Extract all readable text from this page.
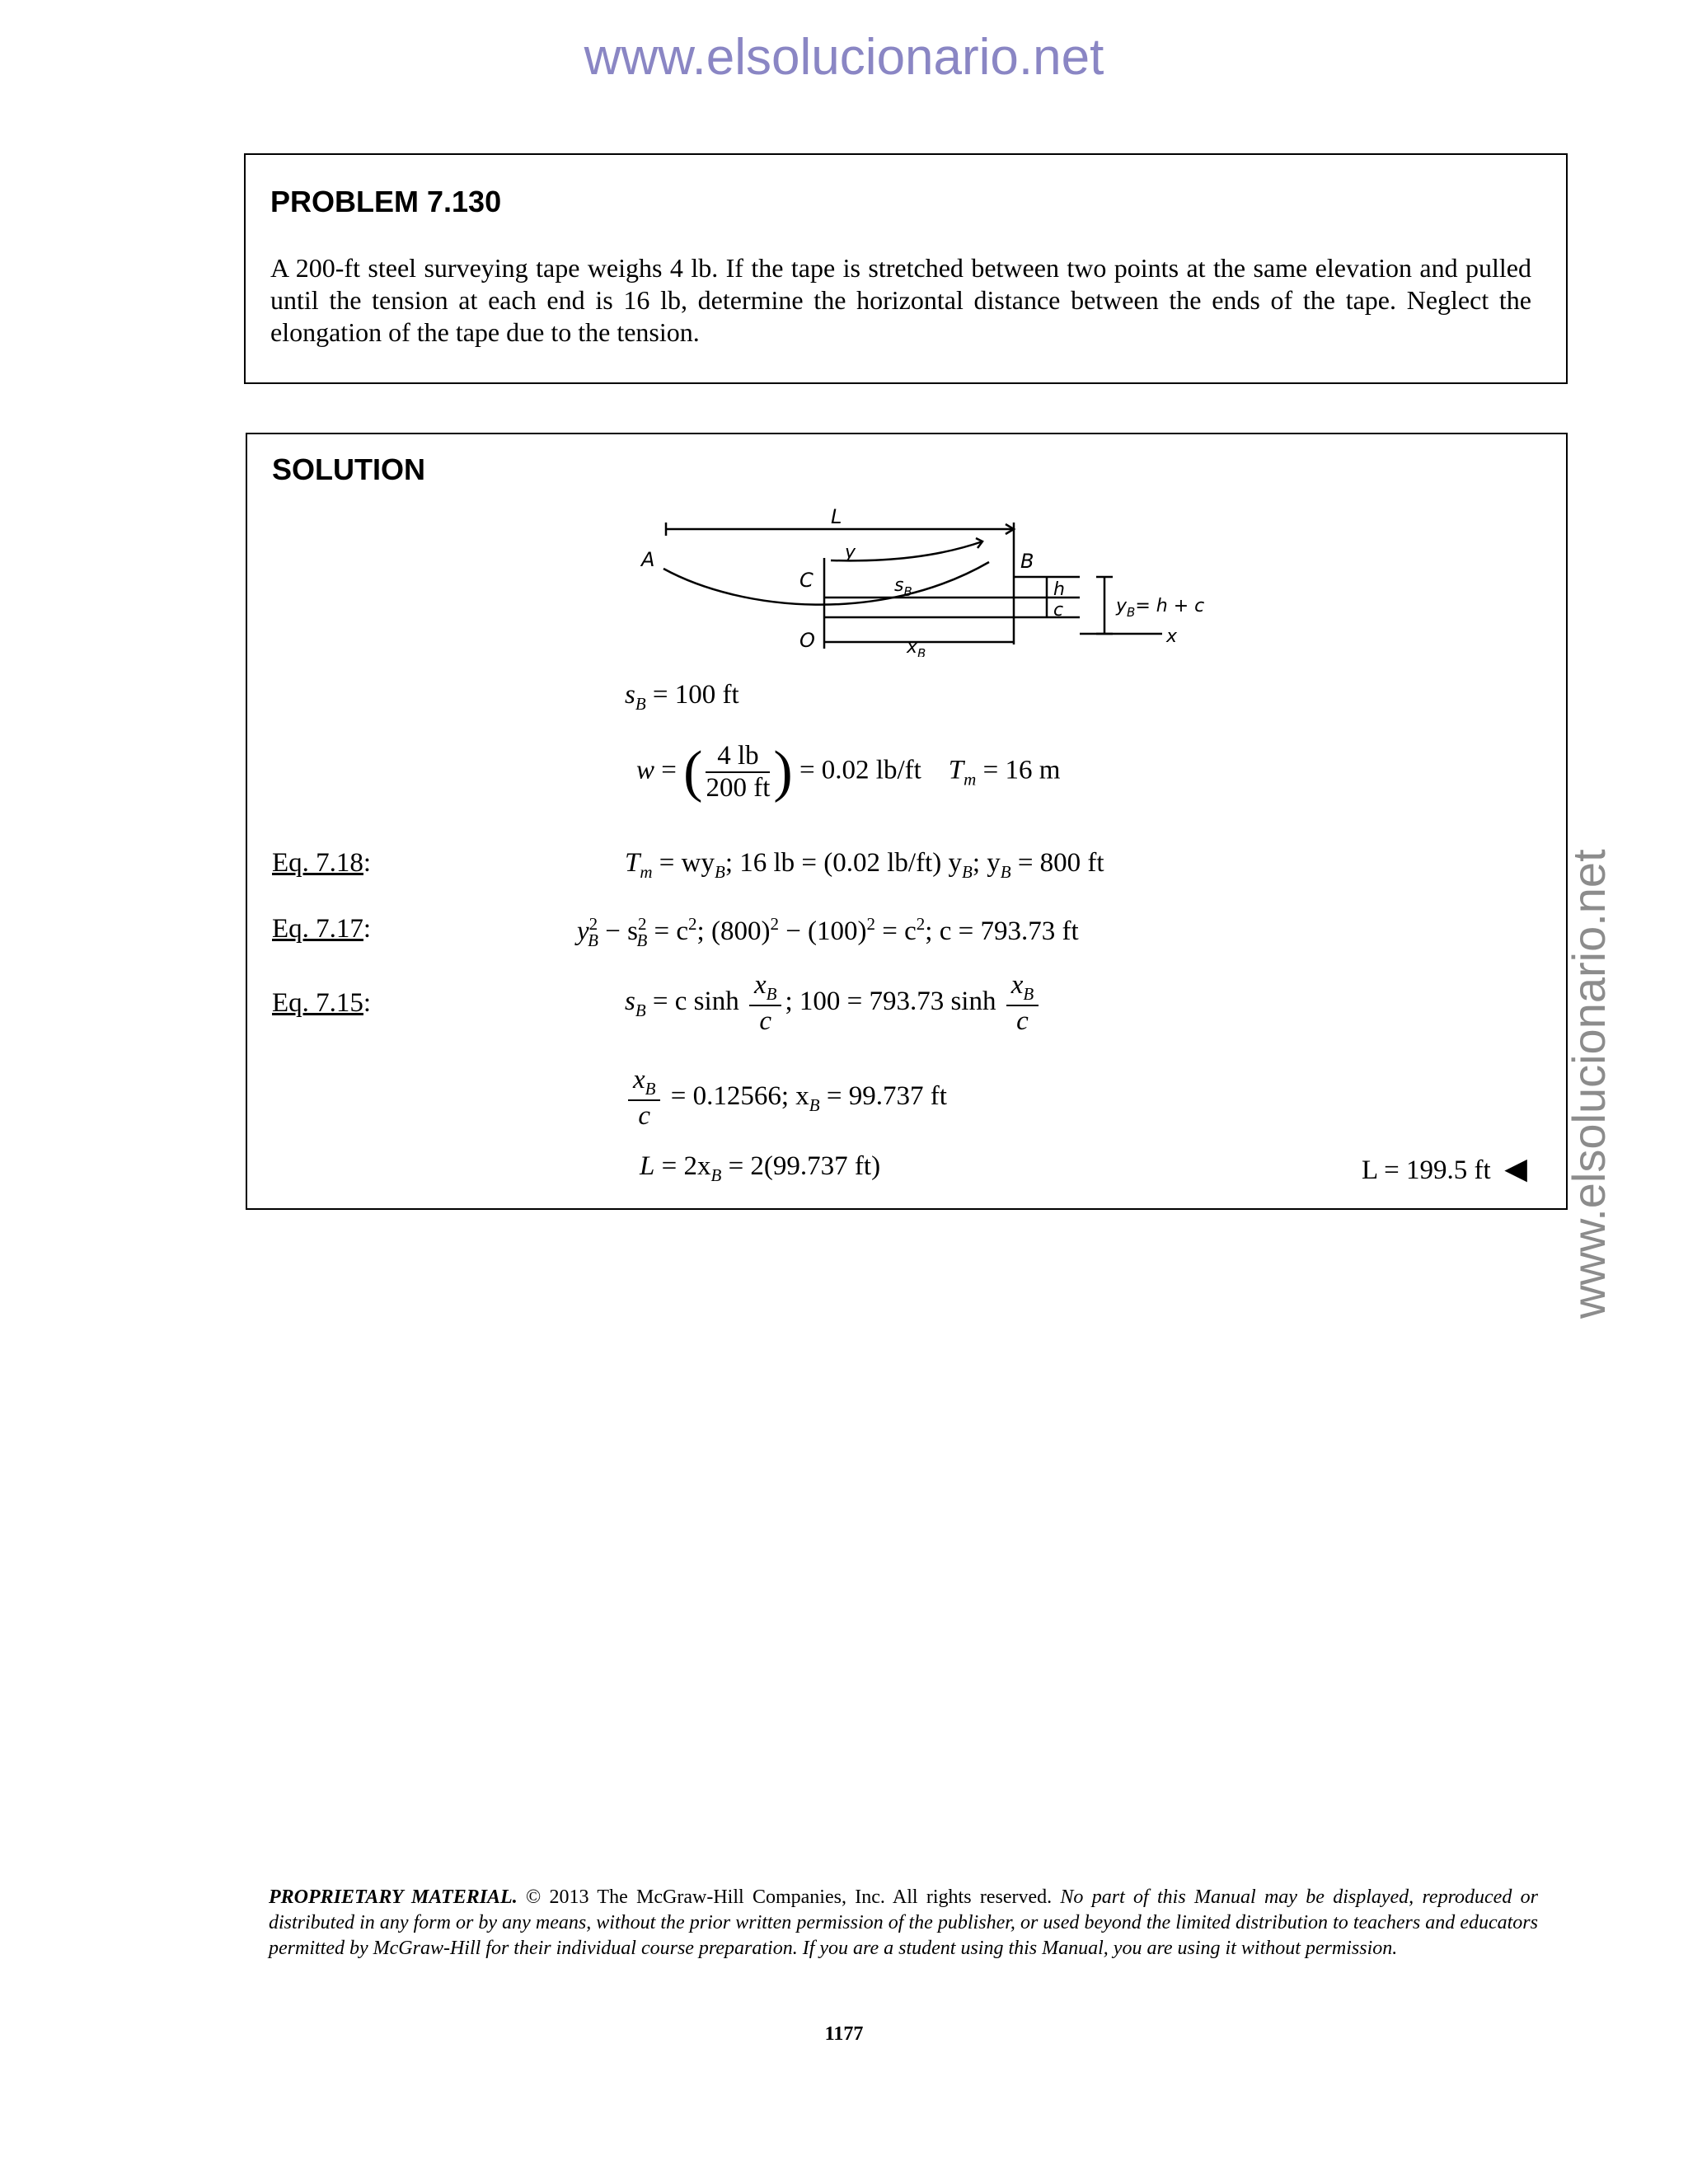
www.elsolucionario.net
www.elsolucionario.net
PROBLEM 7.130
A 200-ft steel surveying tape weighs 4 lb. If the tape is stretched between two points at the same elevation and pulled until the tension at each end is 16 lb, determine the horizontal distance between the ends of the tape. Neglect the elongation of the tape due to the tension.
SOLUTION
A
L
y	B
C	$s_B$	h
c	$y_B= h + c$
O	$x_B$
x
$s_B = 100$ ft
w = ( $\frac{4 lb}{200 ft}$ ) = 0.02 lb/ft $T_m = 16$ m
Eq. 7.18:	$T_m = wy_B$; 16 lb = (0.02 lb/ft) $y_B$; $y_B = 800$ ft
Eq. 7.17:	$y^2_B - s^2_B = c^2$; $(800)^2 - (100)^2 = c^2$; c = 793.73 ft
Eq. 7.15:	$s_B = c$ $\sinh \frac{x_B}{c}$ ; 100 = 793.73 $\sinh \frac{x_B}{c}$
$\frac{x_B}{c} = 0.12566$; $x_B = 99.737$ ft
$L = 2x_B = 2(99.737$ ft)	L = 199.5 ft ◀
PROPRIETARY MATERIAL. © 2013 The McGraw-Hill Companies, Inc. All rights reserved. No part of this Manual may be displayed, reproduced or distributed in any form or by any means, without the prior written permission of the publisher, or used beyond the limited distribution to teachers and educators permitted by McGraw-Hill for their individual course preparation. If you are a student using this Manual, you are using it without permission.
1177
